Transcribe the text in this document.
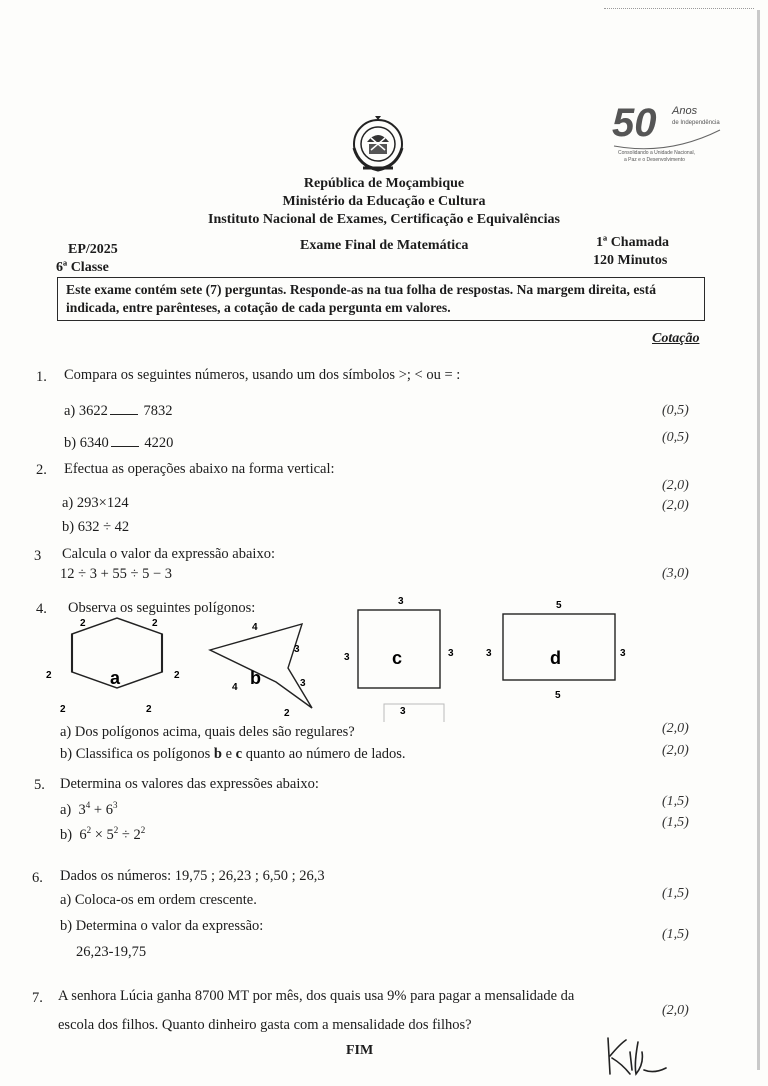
50 Anos
de Independência
Consolidando a Unidade Nacional,
a Paz e o Desenvolvimento
República de Moçambique
Ministério da Educação e Cultura
Instituto Nacional de Exames, Certificação e Equivalências
EP/2025
6ª Classe
Exame Final de Matemática	1ª Chamada
120 Minutos
Este exame contém sete (7) perguntas. Responde-as na tua folha de respostas. Na margem direita, está indicada, entre parênteses, a cotação de cada pergunta em valores.
Cotação
1. Compara os seguintes números, usando um dos símbolos >; < ou = :
a) 3622 7832	(0,5)
b) 6340 4220	(0,5)
2. Efectua as operações abaixo na forma vertical:
a) 293×124
(2,0)
b) 632 ÷ 42
(2,0)
3 Calcula o valor da expressão abaixo:
12 ÷ 3 + 55 ÷ 5 − 3	(3,0)
4. Observa os seguintes polígonos:
a
2	2
2	2
2	2
b
4
3
3
2
4
c
3
3	3
3
d
5
3	3
5
a) Dos polígonos acima, quais deles são regulares?	(2,0)
b) Classifica os polígonos b e c quanto ao número de lados.	(2,0)
5. Determina os valores das expressões abaixo:
a) $3^4 + 6^3$	(1,5)
b) $6^2 \times 5^2 \div 2^2$	(1,5)
6. Dados os números: 19,75 ; 26,23 ; 6,50 ; 26,3
a) Coloca-os em ordem crescente.	(1,5)
b) Determina o valor da expressão:
(1,5)
26,23-19,75
7. A senhora Lúcia ganha 8700 MT por mês, dos quais usa 9% para pagar a mensalidade da
escola dos filhos. Quanto dinheiro gasta com a mensalidade dos filhos?
(2,0)
FIM
